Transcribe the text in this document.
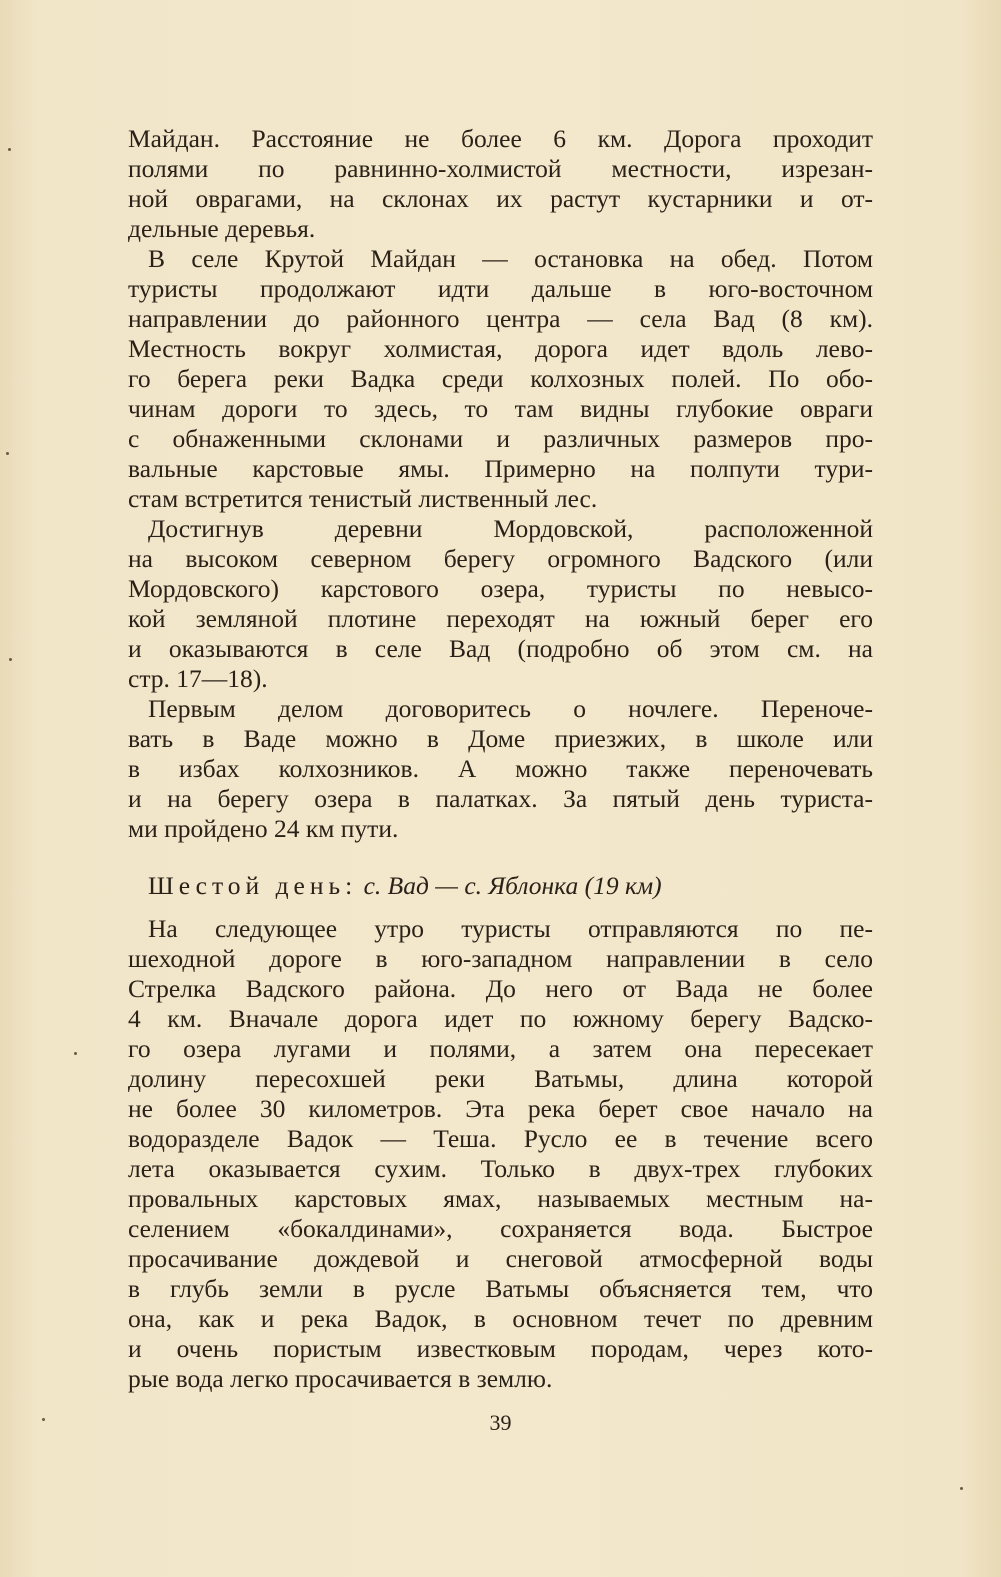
Майдан. Расстояние не более 6 км. Дорога проходит
полями по равнинно-холмистой местности, изрезан-
ной оврагами, на склонах их растут кустарники и от-
дельные деревья.
В селе Крутой Майдан — остановка на обед. Потом
туристы продолжают идти дальше в юго-восточном
направлении до районного центра — села Вад (8 км).
Местность вокруг холмистая, дорога идет вдоль лево-
го берега реки Вадка среди колхозных полей. По обо-
чинам дороги то здесь, то там видны глубокие овраги
с обнаженными склонами и различных размеров про-
вальные карстовые ямы. Примерно на полпути тури-
стам встретится тенистый лиственный лес.
Достигнув деревни Мордовской, расположенной
на высоком северном берегу огромного Вадского (или
Мордовского) карстового озера, туристы по невысо-
кой земляной плотине переходят на южный берег его
и оказываются в селе Вад (подробно об этом см. на
стр. 17—18).
Первым делом договоритесь о ночлеге. Переноче-
вать в Ваде можно в Доме приезжих, в школе или
в избах колхозников. А можно также переночевать
и на берегу озера в палатках. За пятый день туриста-
ми пройдено 24 км пути.
Шестой день: с. Вад — с. Яблонка (19 км)
На следующее утро туристы отправляются по пе-
шеходной дороге в юго-западном направлении в село
Стрелка Вадского района. До него от Вада не более
4 км. Вначале дорога идет по южному берегу Вадско-
го озера лугами и полями, а затем она пересекает
долину пересохшей реки Ватьмы, длина которой
не более 30 километров. Эта река берет свое начало на
водоразделе Вадок — Теша. Русло ее в течение всего
лета оказывается сухим. Только в двух-трех глубоких
провальных карстовых ямах, называемых местным на-
селением «бокалдинами», сохраняется вода. Быстрое
просачивание дождевой и снеговой атмосферной воды
в глубь земли в русле Ватьмы объясняется тем, что
она, как и река Вадок, в основном течет по древним
и очень пористым известковым породам, через кото-
рые вода легко просачивается в землю.
39
